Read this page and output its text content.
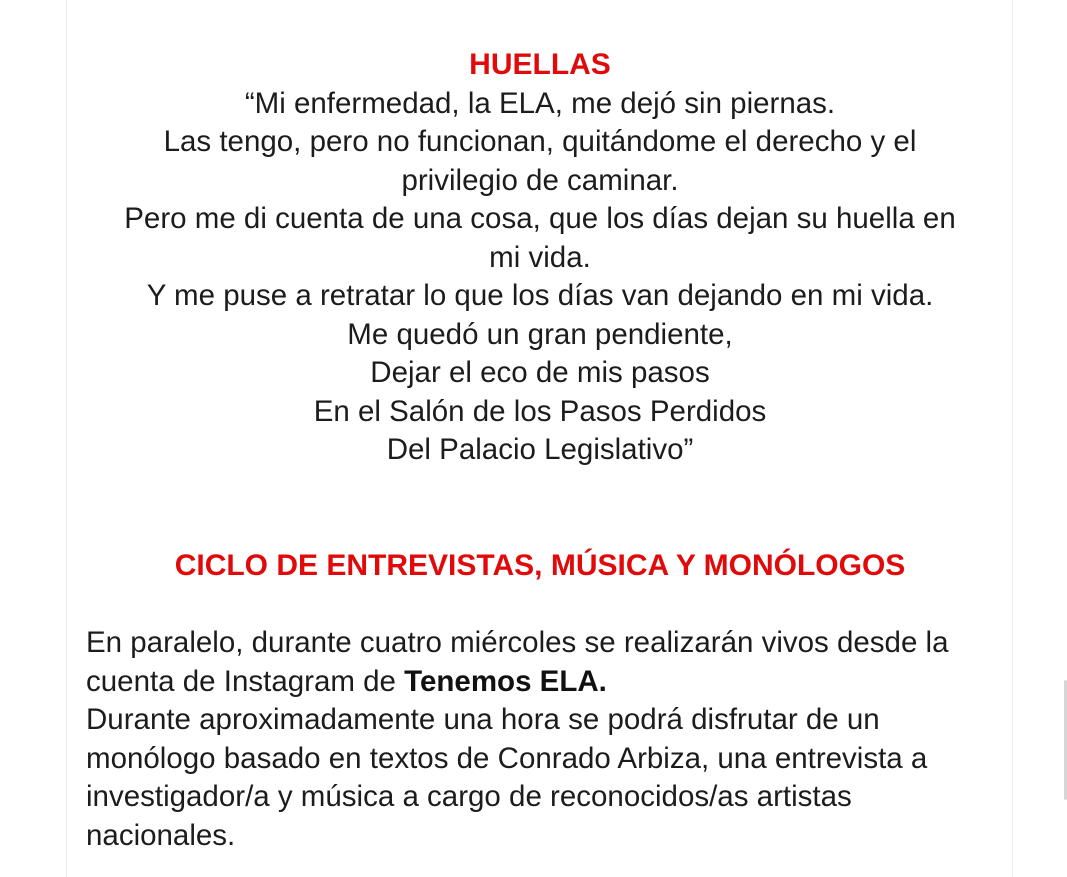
HUELLAS
“Mi enfermedad, la ELA, me dejó sin piernas.
Las tengo, pero no funcionan, quitándome el derecho y el
privilegio de caminar.
Pero me di cuenta de una cosa, que los días dejan su huella en
mi vida.
Y me puse a retratar lo que los días van dejando en mi vida.
Me quedó un gran pendiente,
Dejar el eco de mis pasos
En el Salón de los Pasos Perdidos
Del Palacio Legislativo”
CICLO DE ENTREVISTAS, MÚSICA Y MONÓLOGOS

En paralelo, durante cuatro miércoles se realizarán vivos desde la cuenta de Instagram de Tenemos ELA.

Durante aproximadamente una hora se podrá disfrutar de un monólogo basado en textos de Conrado Arbiza, una entrevista a investigador/a y música a cargo de reconocidos/as artistas nacionales.
